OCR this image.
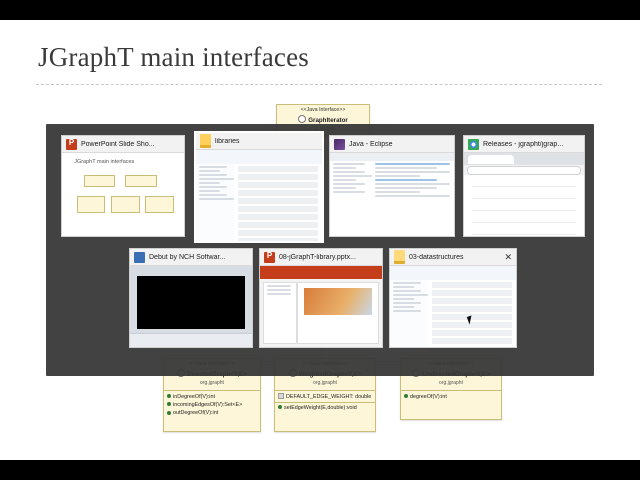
JGraphT main interfaces
<<Java Interface>>
GraphIterator
org.jgrapht
inDegreeOf(V):int
incomingEdgesOf(V):Set<E>
outDegreeOf(V):int
org.jgrapht
DEFAULT_EDGE_WEIGHT: double
setEdgeWeight(E,double):void
org.jgrapht
degreeOf(V):int
P
PowerPoint Slide Sho...
JGraphT main interfaces
libraries	Java - Eclipse	Releases - jgrapht/jgrap...
Debut by NCH Softwar... P	08-jGraphT-library.pptx...	03-datastructures	✕
